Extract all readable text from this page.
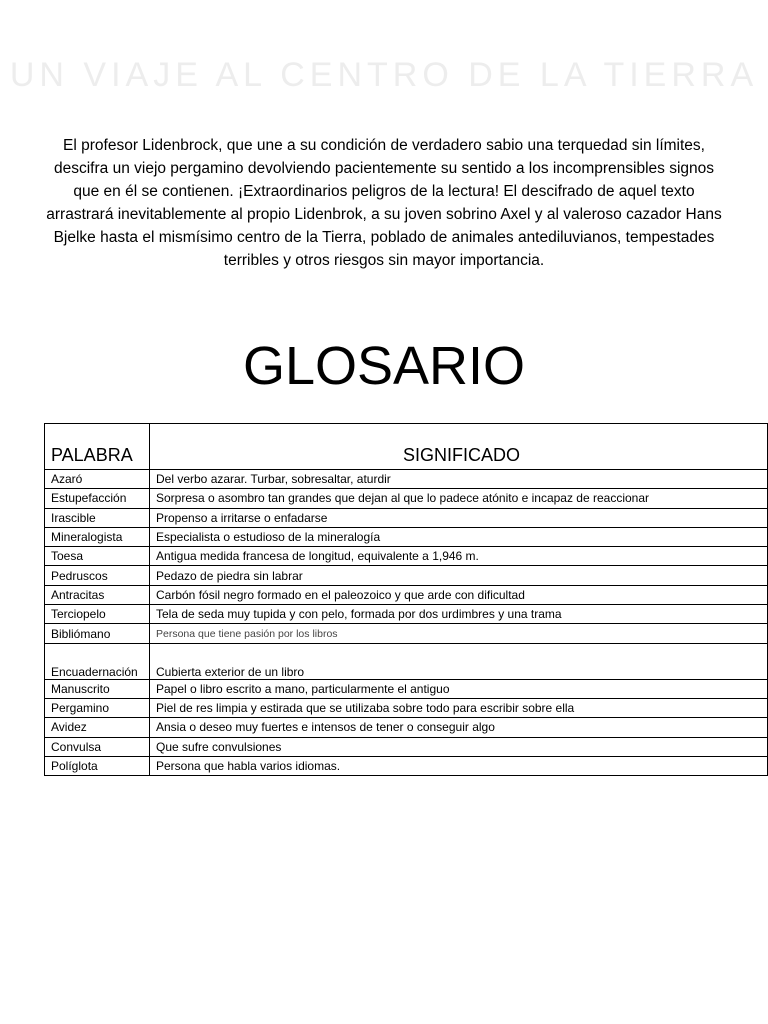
UN VIAJE AL CENTRO DE LA TIERRA

El profesor Lidenbrock, que une a su condición de verdadero sabio una terquedad sin límites, descifra un viejo pergamino devolviendo pacientemente su sentido a los incomprensibles signos que en él se contienen. ¡Extraordinarios peligros de la lectura! El descifrado de aquel texto arrastrará inevitablemente al propio Lidenbrok, a su joven sobrino Axel y al valeroso cazador Hans Bjelke hasta el mismísimo centro de la Tierra, poblado de animales antediluvianos, tempestades terribles y otros riesgos sin mayor importancia.

GLOSARIO
PALABRA	SIGNIFICADO
Azaró	Del verbo azarar. Turbar, sobresaltar, aturdir
Estupefacción	Sorpresa o asombro tan grandes que dejan al que lo padece atónito e incapaz de reaccionar
Irascible	Propenso a irritarse o enfadarse
Mineralogista	Especialista o estudioso de la mineralogía
Toesa	Antigua medida francesa de longitud, equivalente a 1,946 m.
Pedruscos	Pedazo de piedra sin labrar
Antracitas	Carbón fósil negro formado en el paleozoico y que arde con dificultad
Terciopelo	Tela de seda muy tupida y con pelo, formada por dos urdimbres y una trama
Bibliómano	Persona que tiene pasión por los libros
Encuadernación	Cubierta exterior de un libro
Manuscrito	Papel o libro escrito a mano, particularmente el antiguo
Pergamino	Piel de res limpia y estirada que se utilizaba sobre todo para escribir sobre ella
Avidez	Ansia o deseo muy fuertes e intensos de tener o conseguir algo
Convulsa	Que sufre convulsiones
Políglota	Persona que habla varios idiomas.
